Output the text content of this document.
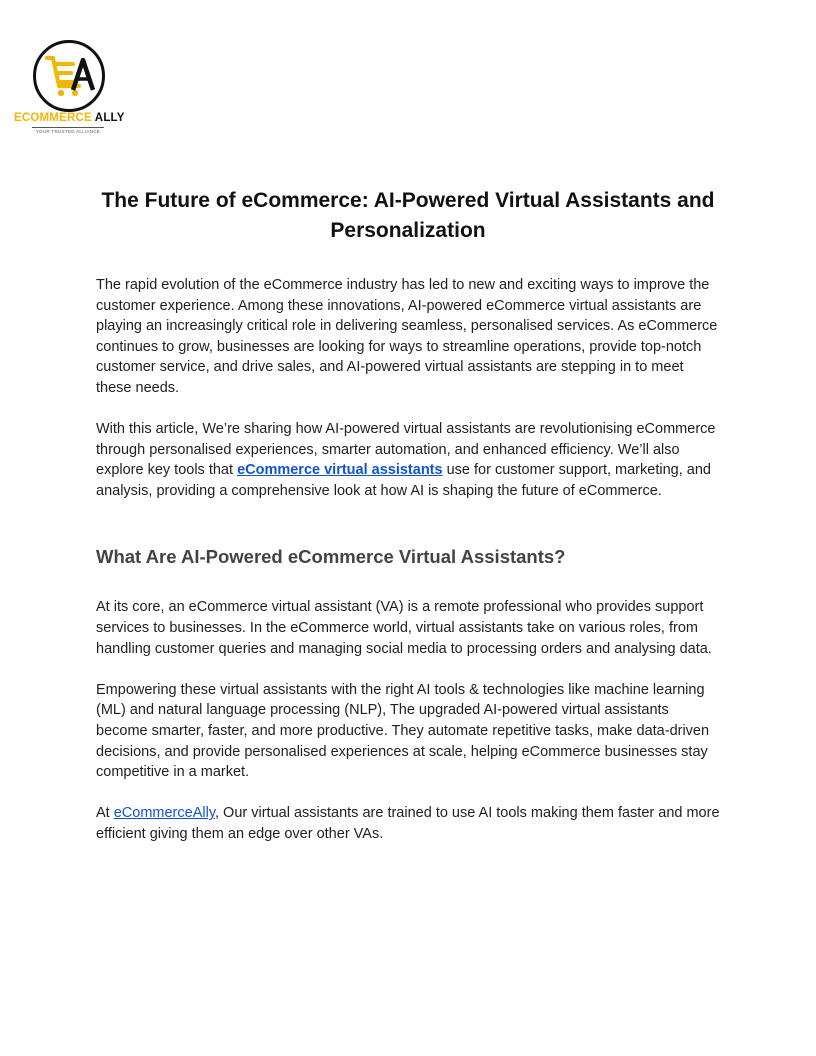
ECOMMERCE ALLY
YOUR TRUSTED ALLIANCE
The Future of eCommerce: AI-Powered Virtual Assistants and Personalization

The rapid evolution of the eCommerce industry has led to new and exciting ways to improve the customer experience. Among these innovations, AI-powered eCommerce virtual assistants are playing an increasingly critical role in delivering seamless, personalised services. As eCommerce continues to grow, businesses are looking for ways to streamline operations, provide top-notch customer service, and drive sales, and AI-powered virtual assistants are stepping in to meet these needs.

With this article, We’re sharing how AI-powered virtual assistants are revolutionising eCommerce through personalised experiences, smarter automation, and enhanced efficiency. We’ll also explore key tools that eCommerce virtual assistants use for customer support, marketing, and analysis, providing a comprehensive look at how AI is shaping the future of eCommerce.

What Are AI-Powered eCommerce Virtual Assistants?

At its core, an eCommerce virtual assistant (VA) is a remote professional who provides support services to businesses. In the eCommerce world, virtual assistants take on various roles, from handling customer queries and managing social media to processing orders and analysing data.

Empowering these virtual assistants with the right AI tools & technologies like machine learning (ML) and natural language processing (NLP), The upgraded AI-powered virtual assistants become smarter, faster, and more productive. They automate repetitive tasks, make data-driven decisions, and provide personalised experiences at scale, helping eCommerce businesses stay competitive in a market.

At eCommerceAlly, Our virtual assistants are trained to use AI tools making them faster and more efficient giving them an edge over other VAs.
